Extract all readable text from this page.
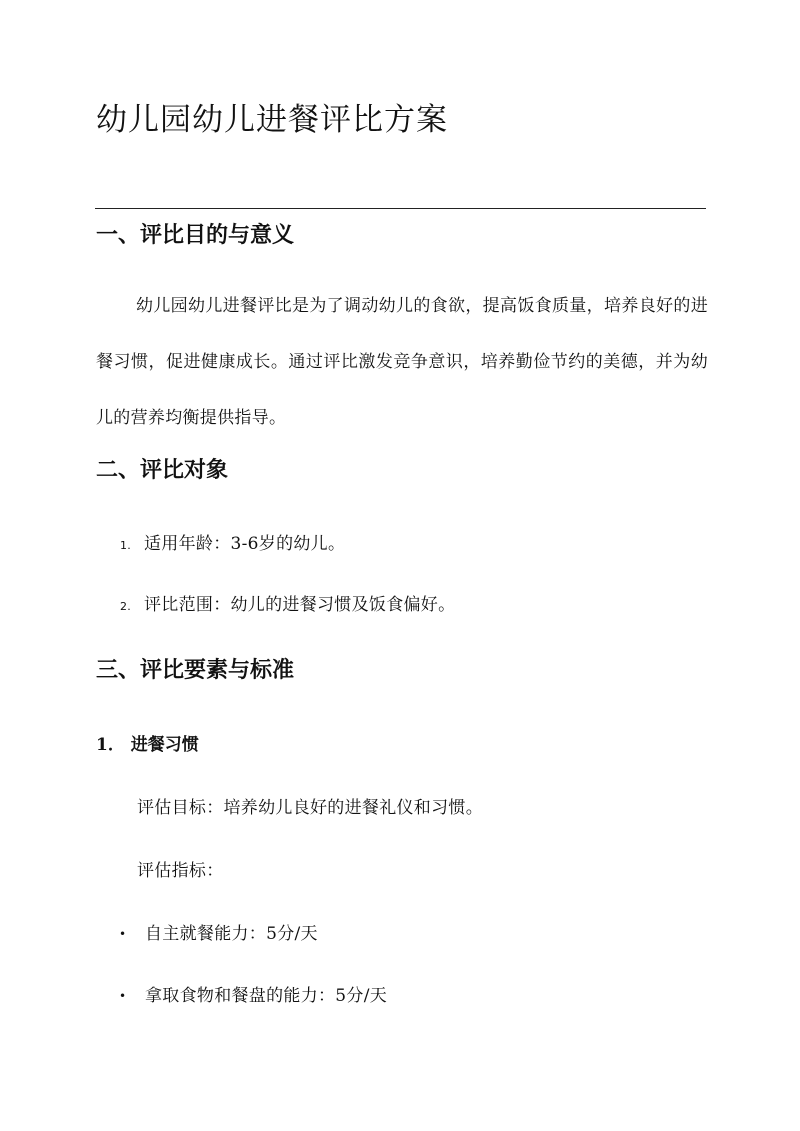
幼儿园幼儿进餐评比方案
一、评比目的与意义
幼儿园幼儿进餐评比是为了调动幼儿的食欲，提高饭食质量，培养良好的进餐习惯，促进健康成长。通过评比激发竞争意识，培养勤俭节约的美德，并为幼儿的营养均衡提供指导。
二、评比对象
1. 适用年龄：3-6岁的幼儿。
2. 评比范围：幼儿的进餐习惯及饭食偏好。
三、评比要素与标准
1． 进餐习惯
评估目标：培养幼儿良好的进餐礼仪和习惯。
评估指标：
• 自主就餐能力：5分/天
• 拿取食物和餐盘的能力：5分/天
